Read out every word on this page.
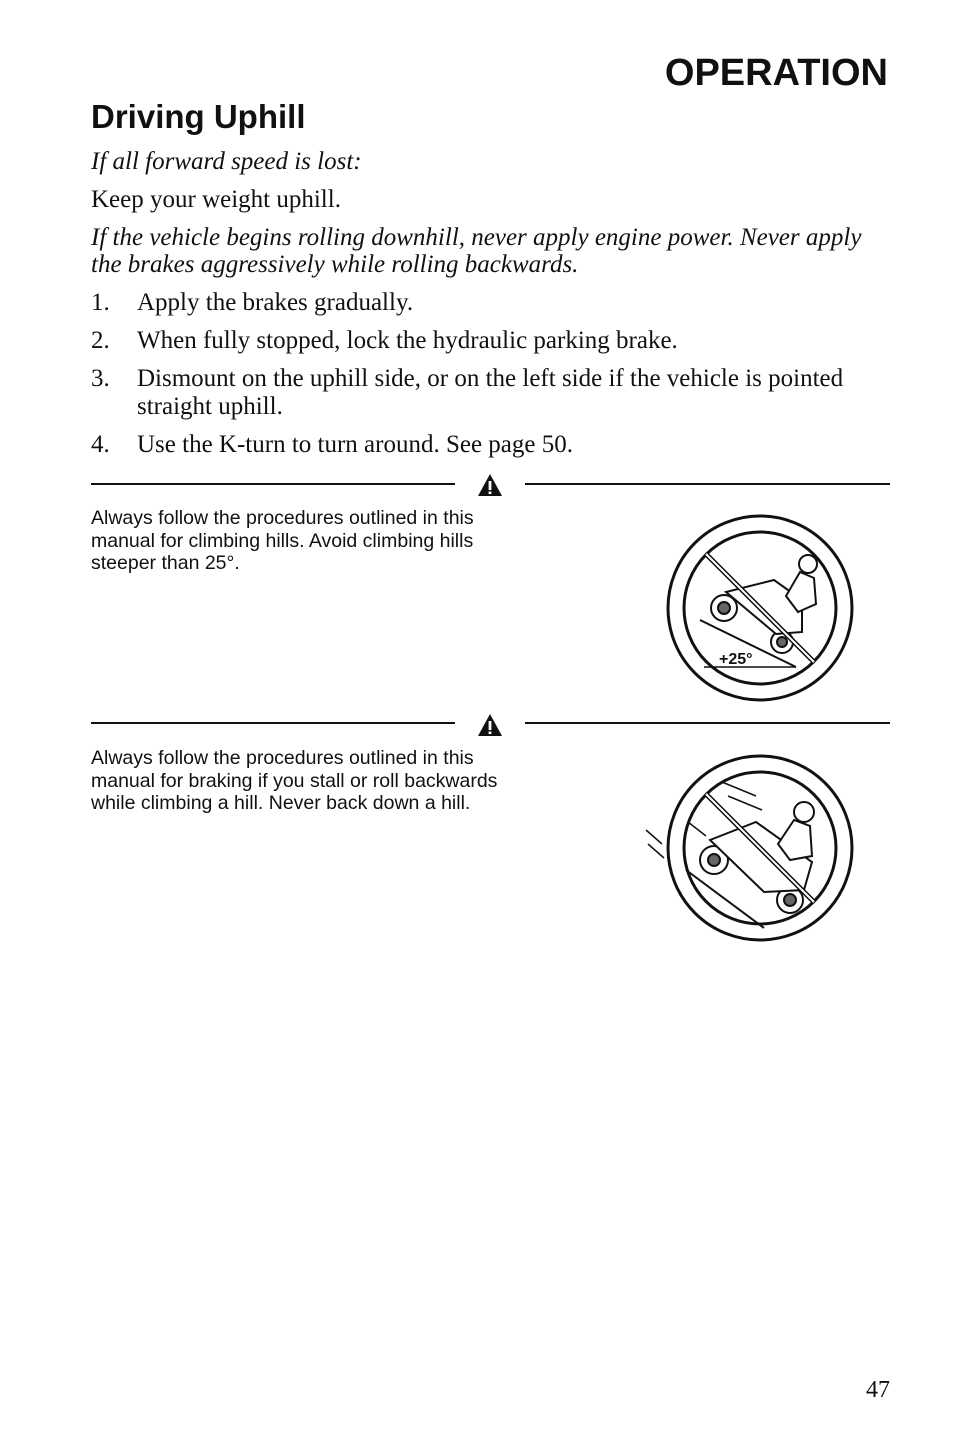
OPERATION
Driving Uphill

If all forward speed is lost:

Keep your weight uphill.

If the vehicle begins rolling downhill, never apply engine power. Never apply the brakes aggressively while rolling backwards.

1. Apply the brakes gradually.
2. When fully stopped, lock the hydraulic parking brake.
3. Dismount on the uphill side, or on the left side if the vehicle is pointed straight uphill.
4. Use the K-turn to turn around. See page 50.

Always follow the procedures outlined in this manual for climbing hills. Avoid climbing hills steeper than 25°.

+25°

Always follow the procedures outlined in this manual for braking if you stall or roll backwards while climbing a hill. Never back down a hill.

47
